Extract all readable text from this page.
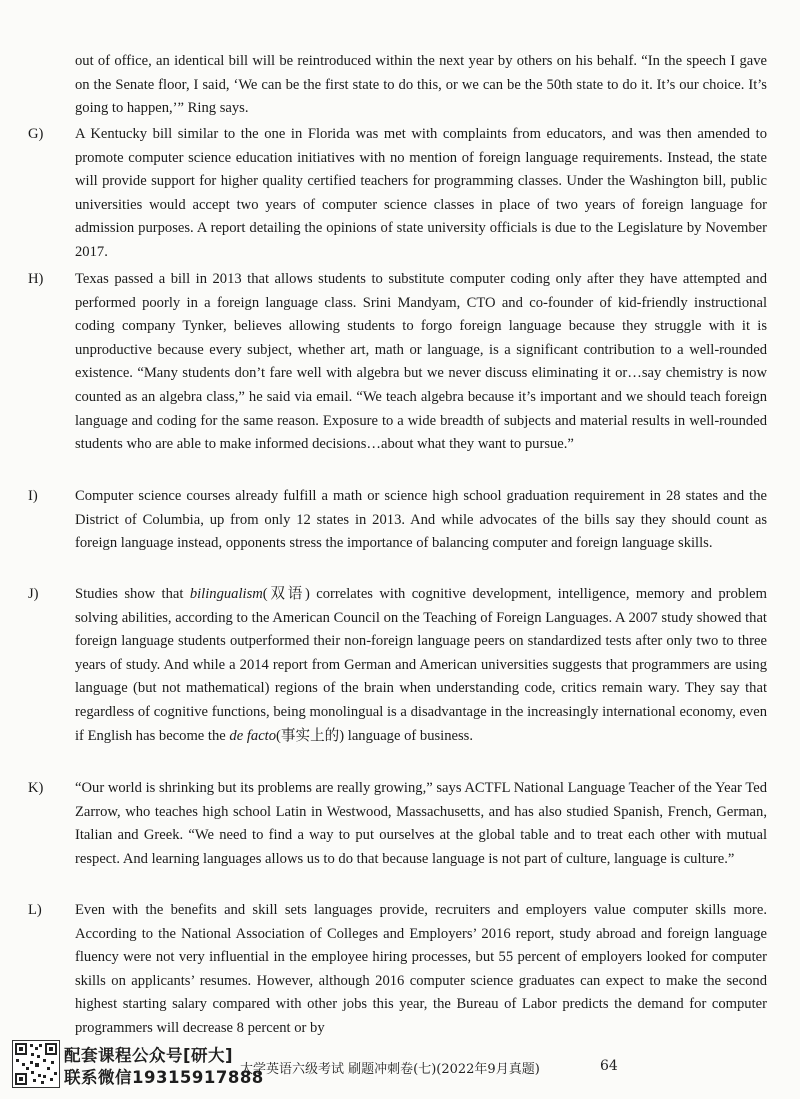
out of office, an identical bill will be reintroduced within the next year by others on his behalf. “In the speech I gave on the Senate floor, I said, ‘We can be the first state to do this, or we can be the 50th state to do it. It’s our choice. It’s going to happen,’” Ring says.

G)	A Kentucky bill similar to the one in Florida was met with complaints from educators, and was then amended to promote computer science education initiatives with no mention of foreign language requirements. Instead, the state will provide support for higher quality certified teachers for programming classes. Under the Washington bill, public universities would accept two years of computer science classes in place of two years of foreign language for admission purposes. A report detailing the opinions of state university officials is due to the Legislature by November 2017.
H)	Texas passed a bill in 2013 that allows students to substitute computer coding only after they have attempted and performed poorly in a foreign language class. Srini Mandyam, CTO and co-founder of kid-friendly instructional coding company Tynker, believes allowing students to forgo foreign language because they struggle with it is unproductive because every subject, whether art, math or language, is a significant contribution to a well-rounded existence. “Many students don’t fare well with algebra but we never discuss eliminating it or…say chemistry is now counted as an algebra class,” he said via email. “We teach algebra because it’s important and we should teach foreign language and coding for the same reason. Exposure to a wide breadth of subjects and material results in well-rounded students who are able to make informed decisions…about what they want to pursue.”
I)	Computer science courses already fulfill a math or science high school graduation requirement in 28 states and the District of Columbia, up from only 12 states in 2013. And while advocates of the bills say they should count as foreign language instead, opponents stress the importance of balancing computer and foreign language skills.
J)	Studies show that bilingualism(双语) correlates with cognitive development, intelligence, memory and problem solving abilities, according to the American Council on the Teaching of Foreign Languages. A 2007 study showed that foreign language students outperformed their non-foreign language peers on standardized tests after only two to three years of study. And while a 2014 report from German and American universities suggests that programmers are using language (but not mathematical) regions of the brain when understanding code, critics remain wary. They say that regardless of cognitive functions, being monolingual is a disadvantage in the increasingly international economy, even if English has become the de facto(事实上的) language of business.
K)	“Our world is shrinking but its problems are really growing,” says ACTFL National Language Teacher of the Year Ted Zarrow, who teaches high school Latin in Westwood, Massachusetts, and has also studied Spanish, French, German, Italian and Greek. “We need to find a way to put ourselves at the global table and to treat each other with mutual respect. And learning languages allows us to do that because language is not part of culture, language is culture.”
L)	Even with the benefits and skill sets languages provide, recruiters and employers value computer skills more. According to the National Association of Colleges and Employers’ 2016 report, study abroad and foreign language fluency were not very influential in the employee hiring processes, but 55 percent of employers looked for computer skills on applicants’ resumes. However, although 2016 computer science graduates can expect to make the second highest starting salary compared with other jobs this year, the Bureau of Labor predicts the demand for computer programmers will decrease 8 percent or by
配套课程公众号[研大]
联系微信19315917888
大学英语六级考试 刷题冲刺卷(七)(2022年9月真题)	64
